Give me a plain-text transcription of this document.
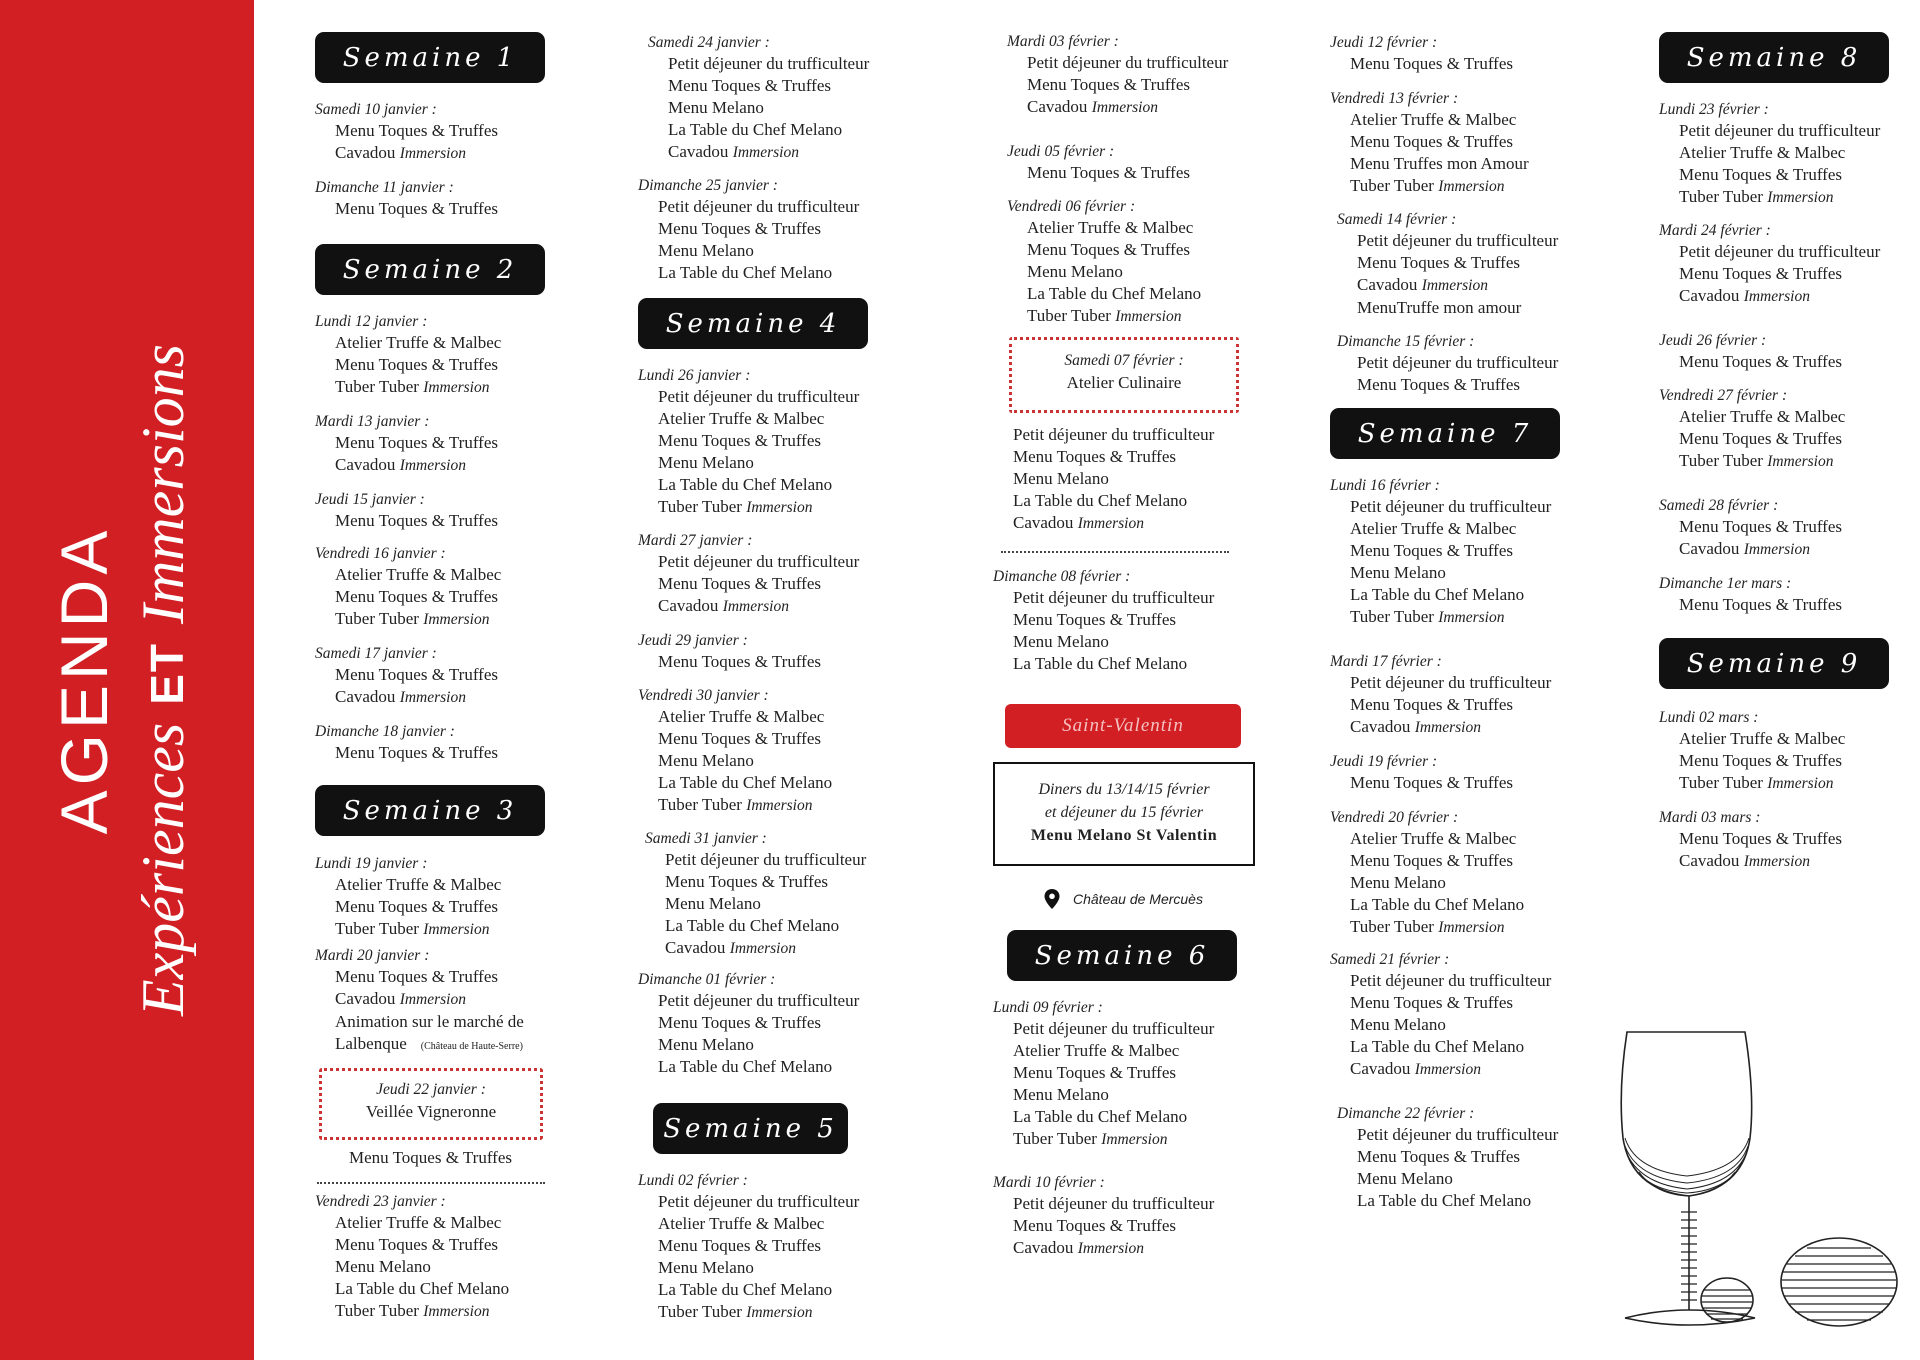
AGENDA
ExpériencesETImmersions
Semaine 1
Samedi 10 janvier :
Menu Toques & Truffes
Cavadou Immersion
Dimanche 11 janvier :
Menu Toques & Truffes
Semaine 2
Lundi 12 janvier :
Atelier Truffe & Malbec
Menu Toques & Truffes
Tuber Tuber Immersion
Mardi 13 janvier :
Menu Toques & Truffes
Cavadou Immersion
Jeudi 15 janvier :
Menu Toques & Truffes
Vendredi 16 janvier :
Atelier Truffe & Malbec
Menu Toques & Truffes
Tuber Tuber Immersion
Samedi 17 janvier :
Menu Toques & Truffes
Cavadou Immersion
Dimanche 18 janvier :
Menu Toques & Truffes
Semaine 3
Lundi 19 janvier :
Atelier Truffe & Malbec
Menu Toques & Truffes
Tuber Tuber Immersion
Mardi 20 janvier :
Menu Toques & Truffes
Cavadou Immersion
Animation sur le marché de
Lalbenque (Château de Haute-Serre)
Jeudi 22 janvier :
Veillée Vigneronne
Menu Toques & Truffes
Vendredi 23 janvier :
Atelier Truffe & Malbec
Menu Toques & Truffes
Menu Melano
La Table du Chef Melano
Tuber Tuber Immersion
Samedi 24 janvier :
Petit déjeuner du trufficulteur
Menu Toques & Truffes
Menu Melano
La Table du Chef Melano
Cavadou Immersion
Dimanche 25 janvier :
Petit déjeuner du trufficulteur
Menu Toques & Truffes
Menu Melano
La Table du Chef Melano
Semaine 4
Lundi 26 janvier :
Petit déjeuner du trufficulteur
Atelier Truffe & Malbec
Menu Toques & Truffes
Menu Melano
La Table du Chef Melano
Tuber Tuber Immersion
Mardi 27 janvier :
Petit déjeuner du trufficulteur
Menu Toques & Truffes
Cavadou Immersion
Jeudi 29 janvier :
Menu Toques & Truffes
Vendredi 30 janvier :
Atelier Truffe & Malbec
Menu Toques & Truffes
Menu Melano
La Table du Chef Melano
Tuber Tuber Immersion
Samedi 31 janvier :
Petit déjeuner du trufficulteur
Menu Toques & Truffes
Menu Melano
La Table du Chef Melano
Cavadou Immersion
Dimanche 01 février :
Petit déjeuner du trufficulteur
Menu Toques & Truffes
Menu Melano
La Table du Chef Melano
Semaine 5
Lundi 02 février :
Petit déjeuner du trufficulteur
Atelier Truffe & Malbec
Menu Toques & Truffes
Menu Melano
La Table du Chef Melano
Tuber Tuber Immersion
Mardi 03 février :
Petit déjeuner du trufficulteur
Menu Toques & Truffes
Cavadou Immersion
Jeudi 05 février :
Menu Toques & Truffes
Vendredi 06 février :
Atelier Truffe & Malbec
Menu Toques & Truffes
Menu Melano
La Table du Chef Melano
Tuber Tuber Immersion
Samedi 07 février :
Atelier Culinaire
Petit déjeuner du trufficulteur
Menu Toques & Truffes
Menu Melano
La Table du Chef Melano
Cavadou Immersion
Dimanche 08 février :
Petit déjeuner du trufficulteur
Menu Toques & Truffes
Menu Melano
La Table du Chef Melano
Saint-Valentin
Diners du 13/14/15 février
et déjeuner du 15 février
Menu Melano St Valentin
Château de Mercuès
Semaine 6
Lundi 09 février :
Petit déjeuner du trufficulteur
Atelier Truffe & Malbec
Menu Toques & Truffes
Menu Melano
La Table du Chef Melano
Tuber Tuber Immersion
Mardi 10 février :
Petit déjeuner du trufficulteur
Menu Toques & Truffes
Cavadou Immersion
Jeudi 12 février :
Menu Toques & Truffes
Vendredi 13 février :
Atelier Truffe & Malbec
Menu Toques & Truffes
Menu Truffes mon Amour
Tuber Tuber Immersion
Samedi 14 février :
Petit déjeuner du trufficulteur
Menu Toques & Truffes
Cavadou Immersion
MenuTruffe mon amour
Dimanche 15 février :
Petit déjeuner du trufficulteur
Menu Toques & Truffes
Semaine 7
Lundi 16 février :
Petit déjeuner du trufficulteur
Atelier Truffe & Malbec
Menu Toques & Truffes
Menu Melano
La Table du Chef Melano
Tuber Tuber Immersion
Mardi 17 février :
Petit déjeuner du trufficulteur
Menu Toques & Truffes
Cavadou Immersion
Jeudi 19 février :
Menu Toques & Truffes
Vendredi 20 février :
Atelier Truffe & Malbec
Menu Toques & Truffes
Menu Melano
La Table du Chef Melano
Tuber Tuber Immersion
Samedi 21 février :
Petit déjeuner du trufficulteur
Menu Toques & Truffes
Menu Melano
La Table du Chef Melano
Cavadou Immersion
Dimanche 22 février :
Petit déjeuner du trufficulteur
Menu Toques & Truffes
Menu Melano
La Table du Chef Melano
Semaine 8
Lundi 23 février :
Petit déjeuner du trufficulteur
Atelier Truffe & Malbec
Menu Toques & Truffes
Tuber Tuber Immersion
Mardi 24 février :
Petit déjeuner du trufficulteur
Menu Toques & Truffes
Cavadou Immersion
Jeudi 26 février :
Menu Toques & Truffes
Vendredi 27 février :
Atelier Truffe & Malbec
Menu Toques & Truffes
Tuber Tuber Immersion
Samedi 28 février :
Menu Toques & Truffes
Cavadou Immersion
Dimanche 1er mars :
Menu Toques & Truffes
Semaine 9
Lundi 02 mars :
Atelier Truffe & Malbec
Menu Toques & Truffes
Tuber Tuber Immersion
Mardi 03 mars :
Menu Toques & Truffes
Cavadou Immersion
